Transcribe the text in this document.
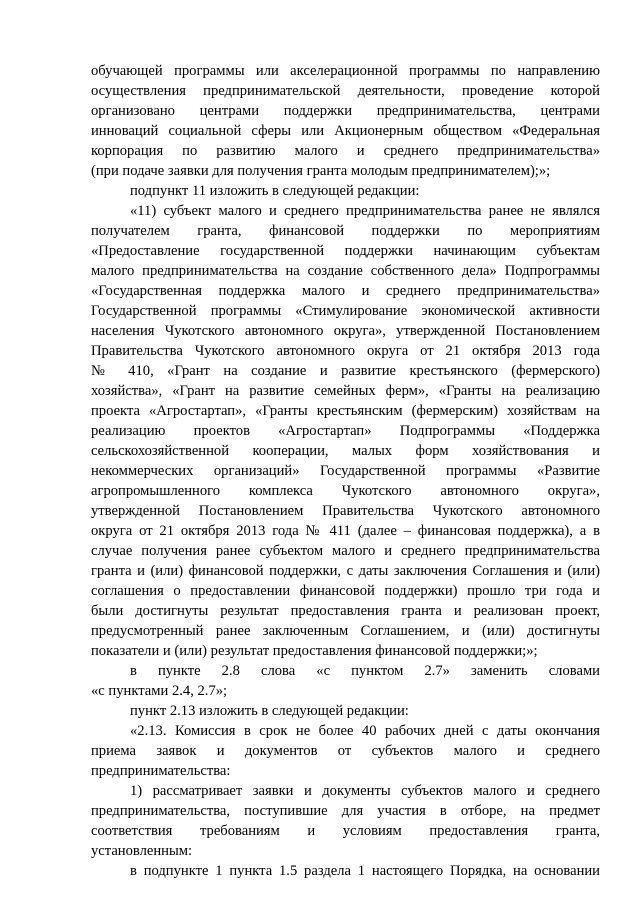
обучающей программы или акселерационной программы по направлению
осуществления предпринимательской деятельности, проведение которой
организовано центрами поддержки предпринимательства, центрами
инноваций социальной сферы или Акционерным обществом «Федеральная
корпорация по развитию малого и среднего предпринимательства»
(при подаче заявки для получения гранта молодым предпринимателем);»;
подпункт 11 изложить в следующей редакции:
«11) субъект малого и среднего предпринимательства ранее не являлся
получателем гранта, финансовой поддержки по мероприятиям
«Предоставление государственной поддержки начинающим субъектам
малого предпринимательства на создание собственного дела» Подпрограммы
«Государственная поддержка малого и среднего предпринимательства»
Государственной программы «Стимулирование экономической активности
населения Чукотского автономного округа», утвержденной Постановлением
Правительства Чукотского автономного округа от 21 октября 2013 года
№ 410, «Грант на создание и развитие крестьянского (фермерского)
хозяйства», «Грант на развитие семейных ферм», «Гранты на реализацию
проекта «Агростартап», «Гранты крестьянским (фермерским) хозяйствам на
реализацию проектов «Агростартап» Подпрограммы «Поддержка
сельскохозяйственной кооперации, малых форм хозяйствования и
некоммерческих организаций» Государственной программы «Развитие
агропромышленного комплекса Чукотского автономного округа»,
утвержденной Постановлением Правительства Чукотского автономного
округа от 21 октября 2013 года № 411 (далее – финансовая поддержка), а в
случае получения ранее субъектом малого и среднего предпринимательства
гранта и (или) финансовой поддержки, с даты заключения Соглашения и (или)
соглашения о предоставлении финансовой поддержки) прошло три года и
были достигнуты результат предоставления гранта и реализован проект,
предусмотренный ранее заключенным Соглашением, и (или) достигнуты
показатели и (или) результат предоставления финансовой поддержки;»;
в пункте 2.8 слова «с пунктом 2.7» заменить словами
«с пунктами 2.4, 2.7»;
пункт 2.13 изложить в следующей редакции:
«2.13. Комиссия в срок не более 40 рабочих дней с даты окончания
приема заявок и документов от субъектов малого и среднего
предпринимательства:
1) рассматривает заявки и документы субъектов малого и среднего
предпринимательства, поступившие для участия в отборе, на предмет
соответствия требованиям и условиям предоставления гранта,
установленным:
в подпункте 1 пункта 1.5 раздела 1 настоящего Порядка, на основании
